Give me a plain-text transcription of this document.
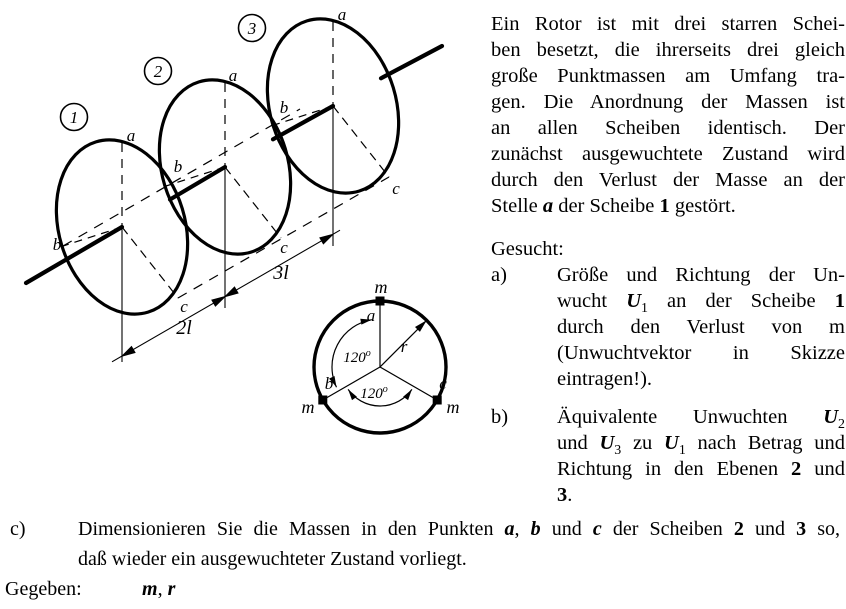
1
a
b
c
2	a
b
c
3
a
b
c
2l
3l
m
a
b
m
c
m
r
120$^o$
120$^o$
Ein Rotor ist mit drei starren Schei-
ben besetzt, die ihrerseits drei gleich
große Punktmassen am Umfang tra-
gen. Die Anordnung der Massen ist
an allen Scheiben identisch. Der
zunächst ausgewuchtete Zustand wird
durch den Verlust der Masse an der
Stelle a der Scheibe 1 gestört.
Gesucht:
a) Größe und Richtung der Un-
wucht $U_1$ an der Scheibe 1
durch den Verlust von m
(Unwuchtvektor in Skizze
eintragen!).
b) Äquivalente Unwuchten $U_2$
und $U_3$ zu $U_1$ nach Betrag und
Richtung in den Ebenen 2 und
3.
c)	Dimensionieren Sie die Massen in den Punkten a, b und c der Scheiben 2 und 3 so,
daß wieder ein ausgewuchteter Zustand vorliegt.
Gegeben:	m, r
